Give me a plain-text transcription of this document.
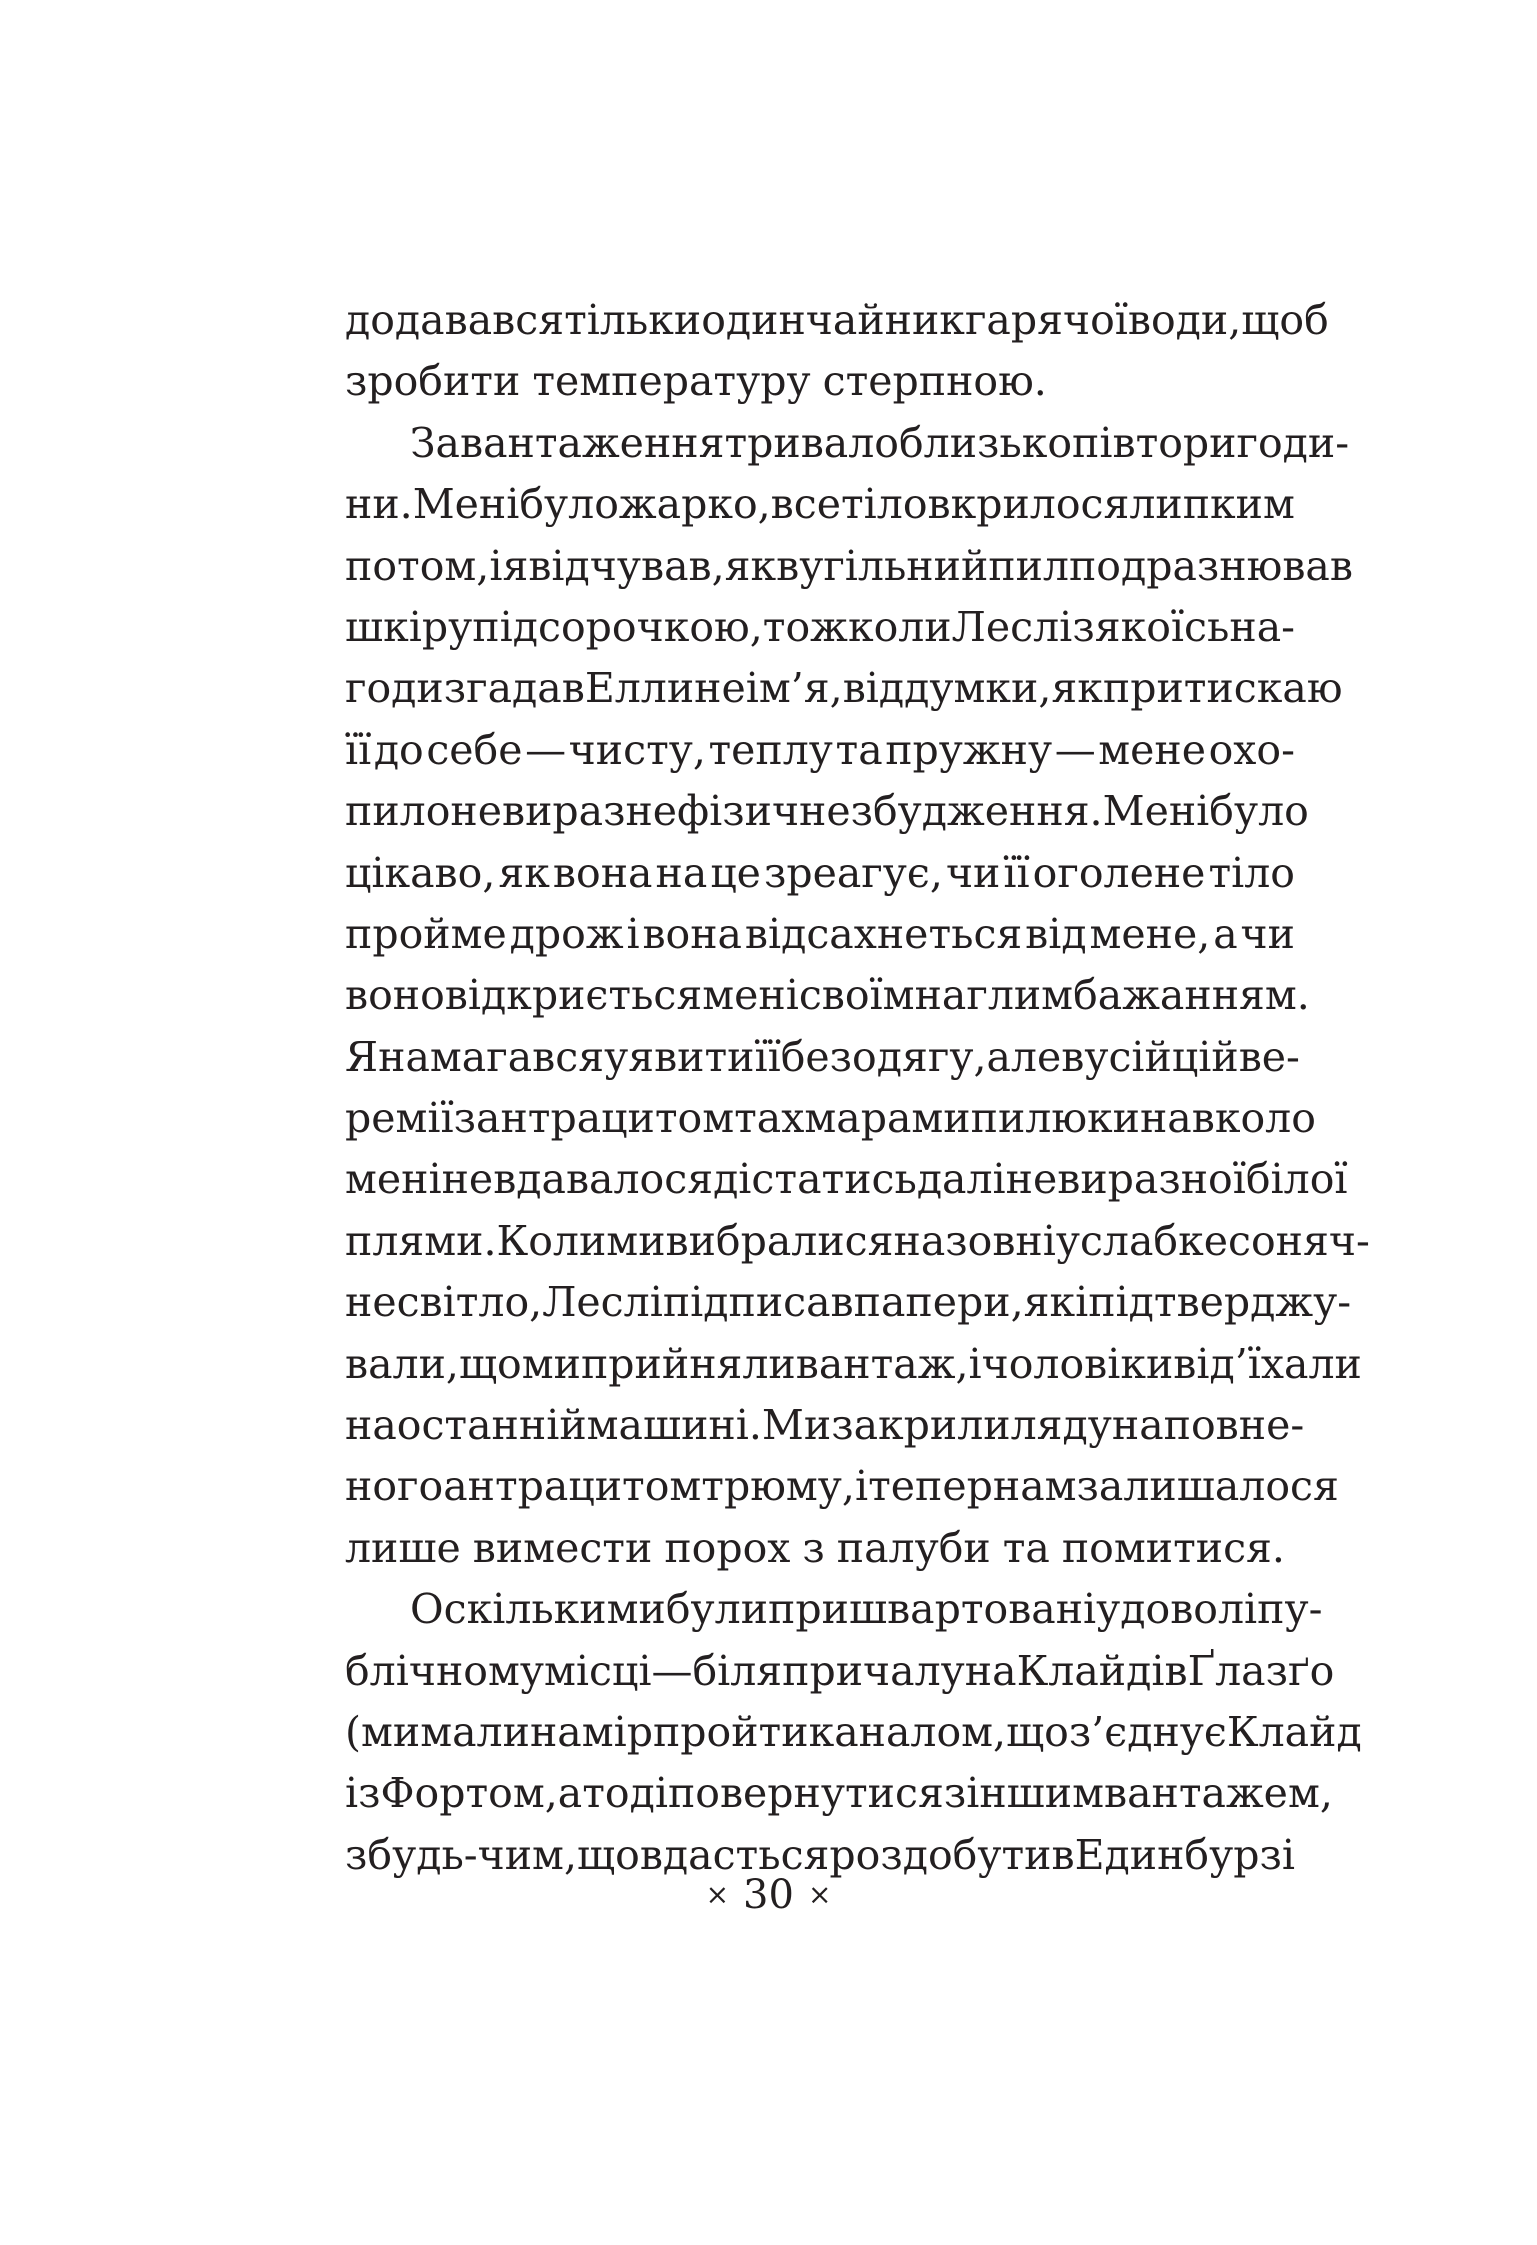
додавався тільки один чайник гарячої води, щоб
зробити температуру стерпною.
Завантаження тривало близько півтори годи-
ни. Мені було жарко, все тіло вкрилося липким
потом, і я відчував, як вугільний пил подразнював
шкіру під сорочкою, тож коли Леслі з якоїсь на-
годи згадав Еллине ім’я, від думки, як притискаю
її до себе — чисту, теплу та пружну — мене охо-
пило невиразне фізичне збудження. Мені було
цікаво, як вона на це зреагує, чи її оголене тіло
пройме дрож і вона відсахнеться від мене, а чи
воно відкриється мені своїм наглим бажанням.
Я намагався уявити її без одягу, але в усій цій ве-
ремії з антрацитом та хмарами пилюки навколо
мені не вдавалося дістатись далі невиразної білої
плями. Коли ми вибралися назовні у слабке соняч-
не світло, Леслі підписав папери, які підтверджу-
вали, що ми прийняли вантаж, і чоловіки від’їхали
на останній машині. Ми закрили ляду наповне-
ного антрацитом трюму, і тепер нам залишалося
лише вимести порох з палуби та помитися.
Оскільки ми були пришвартовані у доволі пу-
блічному місці — біля причалу на Клайді в Ґлазґо
(ми мали намір пройти каналом, що з’єднує Клайд
із Фортом, а тоді повернутися з іншим вантажем,
з будь-чим, що вдасться роздобути в Единбурзі
× 30 ×
